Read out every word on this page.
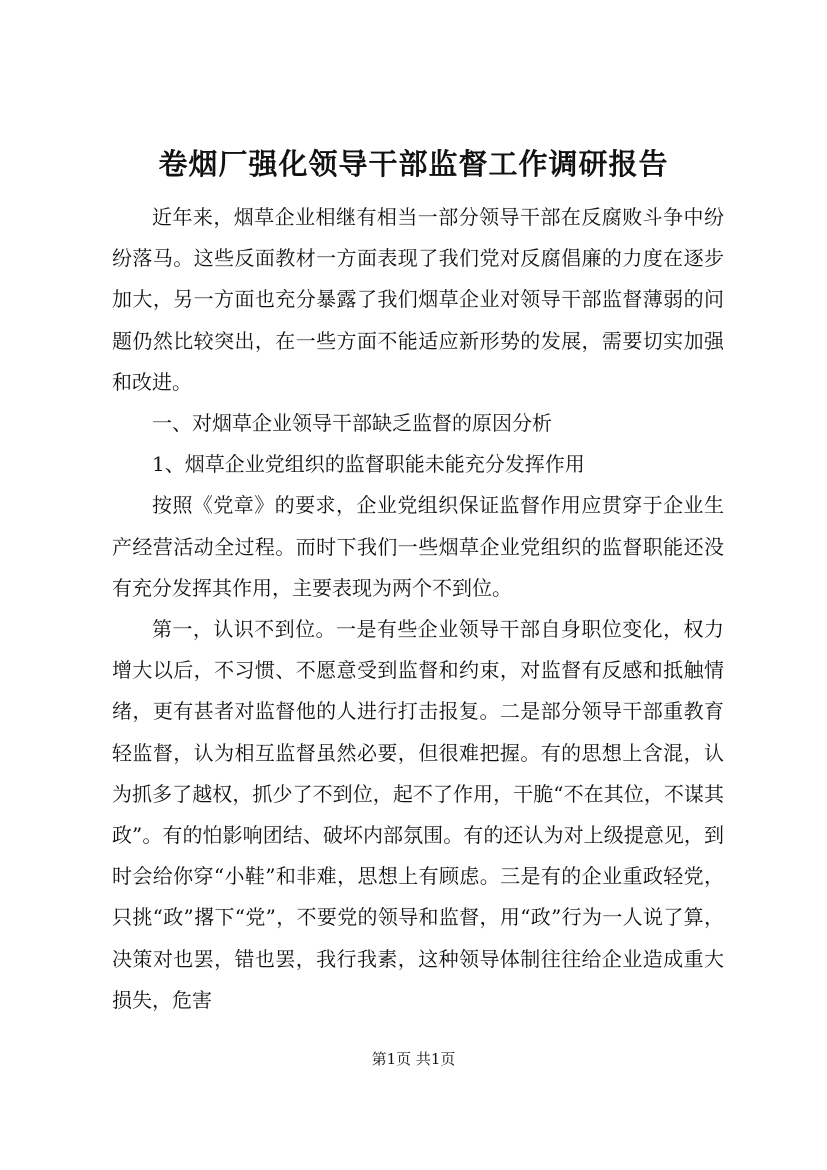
卷烟厂强化领导干部监督工作调研报告

近年来，烟草企业相继有相当一部分领导干部在反腐败斗争中纷纷落马。这些反面教材一方面表现了我们党对反腐倡廉的力度在逐步加大，另一方面也充分暴露了我们烟草企业对领导干部监督薄弱的问题仍然比较突出，在一些方面不能适应新形势的发展，需要切实加强和改进。

一、对烟草企业领导干部缺乏监督的原因分析

1、烟草企业党组织的监督职能未能充分发挥作用

按照《党章》的要求，企业党组织保证监督作用应贯穿于企业生产经营活动全过程。而时下我们一些烟草企业党组织的监督职能还没有充分发挥其作用，主要表现为两个不到位。

第一，认识不到位。一是有些企业领导干部自身职位变化，权力增大以后，不习惯、不愿意受到监督和约束，对监督有反感和抵触情绪，更有甚者对监督他的人进行打击报复。二是部分领导干部重教育轻监督，认为相互监督虽然必要，但很难把握。有的思想上含混，认为抓多了越权，抓少了不到位，起不了作用，干脆“不在其位，不谋其政”。有的怕影响团结、破坏内部氛围。有的还认为对上级提意见，到时会给你穿“小鞋”和非难，思想上有顾虑。三是有的企业重政轻党，只挑“政”撂下“党”，不要党的领导和监督，用“政”行为一人说了算，决策对也罢，错也罢，我行我素，这种领导体制往往给企业造成重大损失，危害

第1页 共1页
